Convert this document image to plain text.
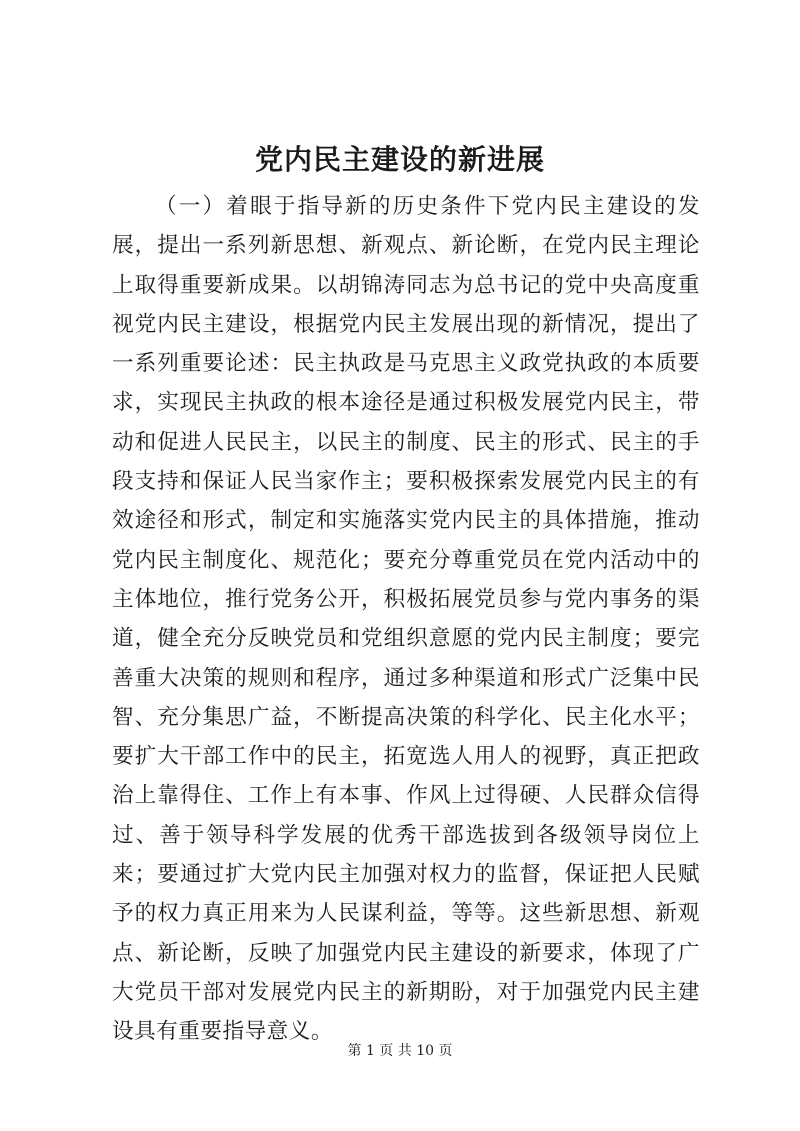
党内民主建设的新进展

（一）着眼于指导新的历史条件下党内民主建设的发展，提出一系列新思想、新观点、新论断，在党内民主理论上取得重要新成果。以胡锦涛同志为总书记的党中央高度重视党内民主建设，根据党内民主发展出现的新情况，提出了一系列重要论述：民主执政是马克思主义政党执政的本质要求，实现民主执政的根本途径是通过积极发展党内民主，带动和促进人民民主，以民主的制度、民主的形式、民主的手段支持和保证人民当家作主；要积极探索发展党内民主的有效途径和形式，制定和实施落实党内民主的具体措施，推动党内民主制度化、规范化；要充分尊重党员在党内活动中的主体地位，推行党务公开，积极拓展党员参与党内事务的渠道，健全充分反映党员和党组织意愿的党内民主制度；要完善重大决策的规则和程序，通过多种渠道和形式广泛集中民智、充分集思广益，不断提高决策的科学化、民主化水平；要扩大干部工作中的民主，拓宽选人用人的视野，真正把政治上靠得住、工作上有本事、作风上过得硬、人民群众信得过、善于领导科学发展的优秀干部选拔到各级领导岗位上来；要通过扩大党内民主加强对权力的监督，保证把人民赋予的权力真正用来为人民谋利益，等等。这些新思想、新观点、新论断，反映了加强党内民主建设的新要求，体现了广大党员干部对发展党内民主的新期盼，对于加强党内民主建设具有重要指导意义。

第 1 页 共 10 页
